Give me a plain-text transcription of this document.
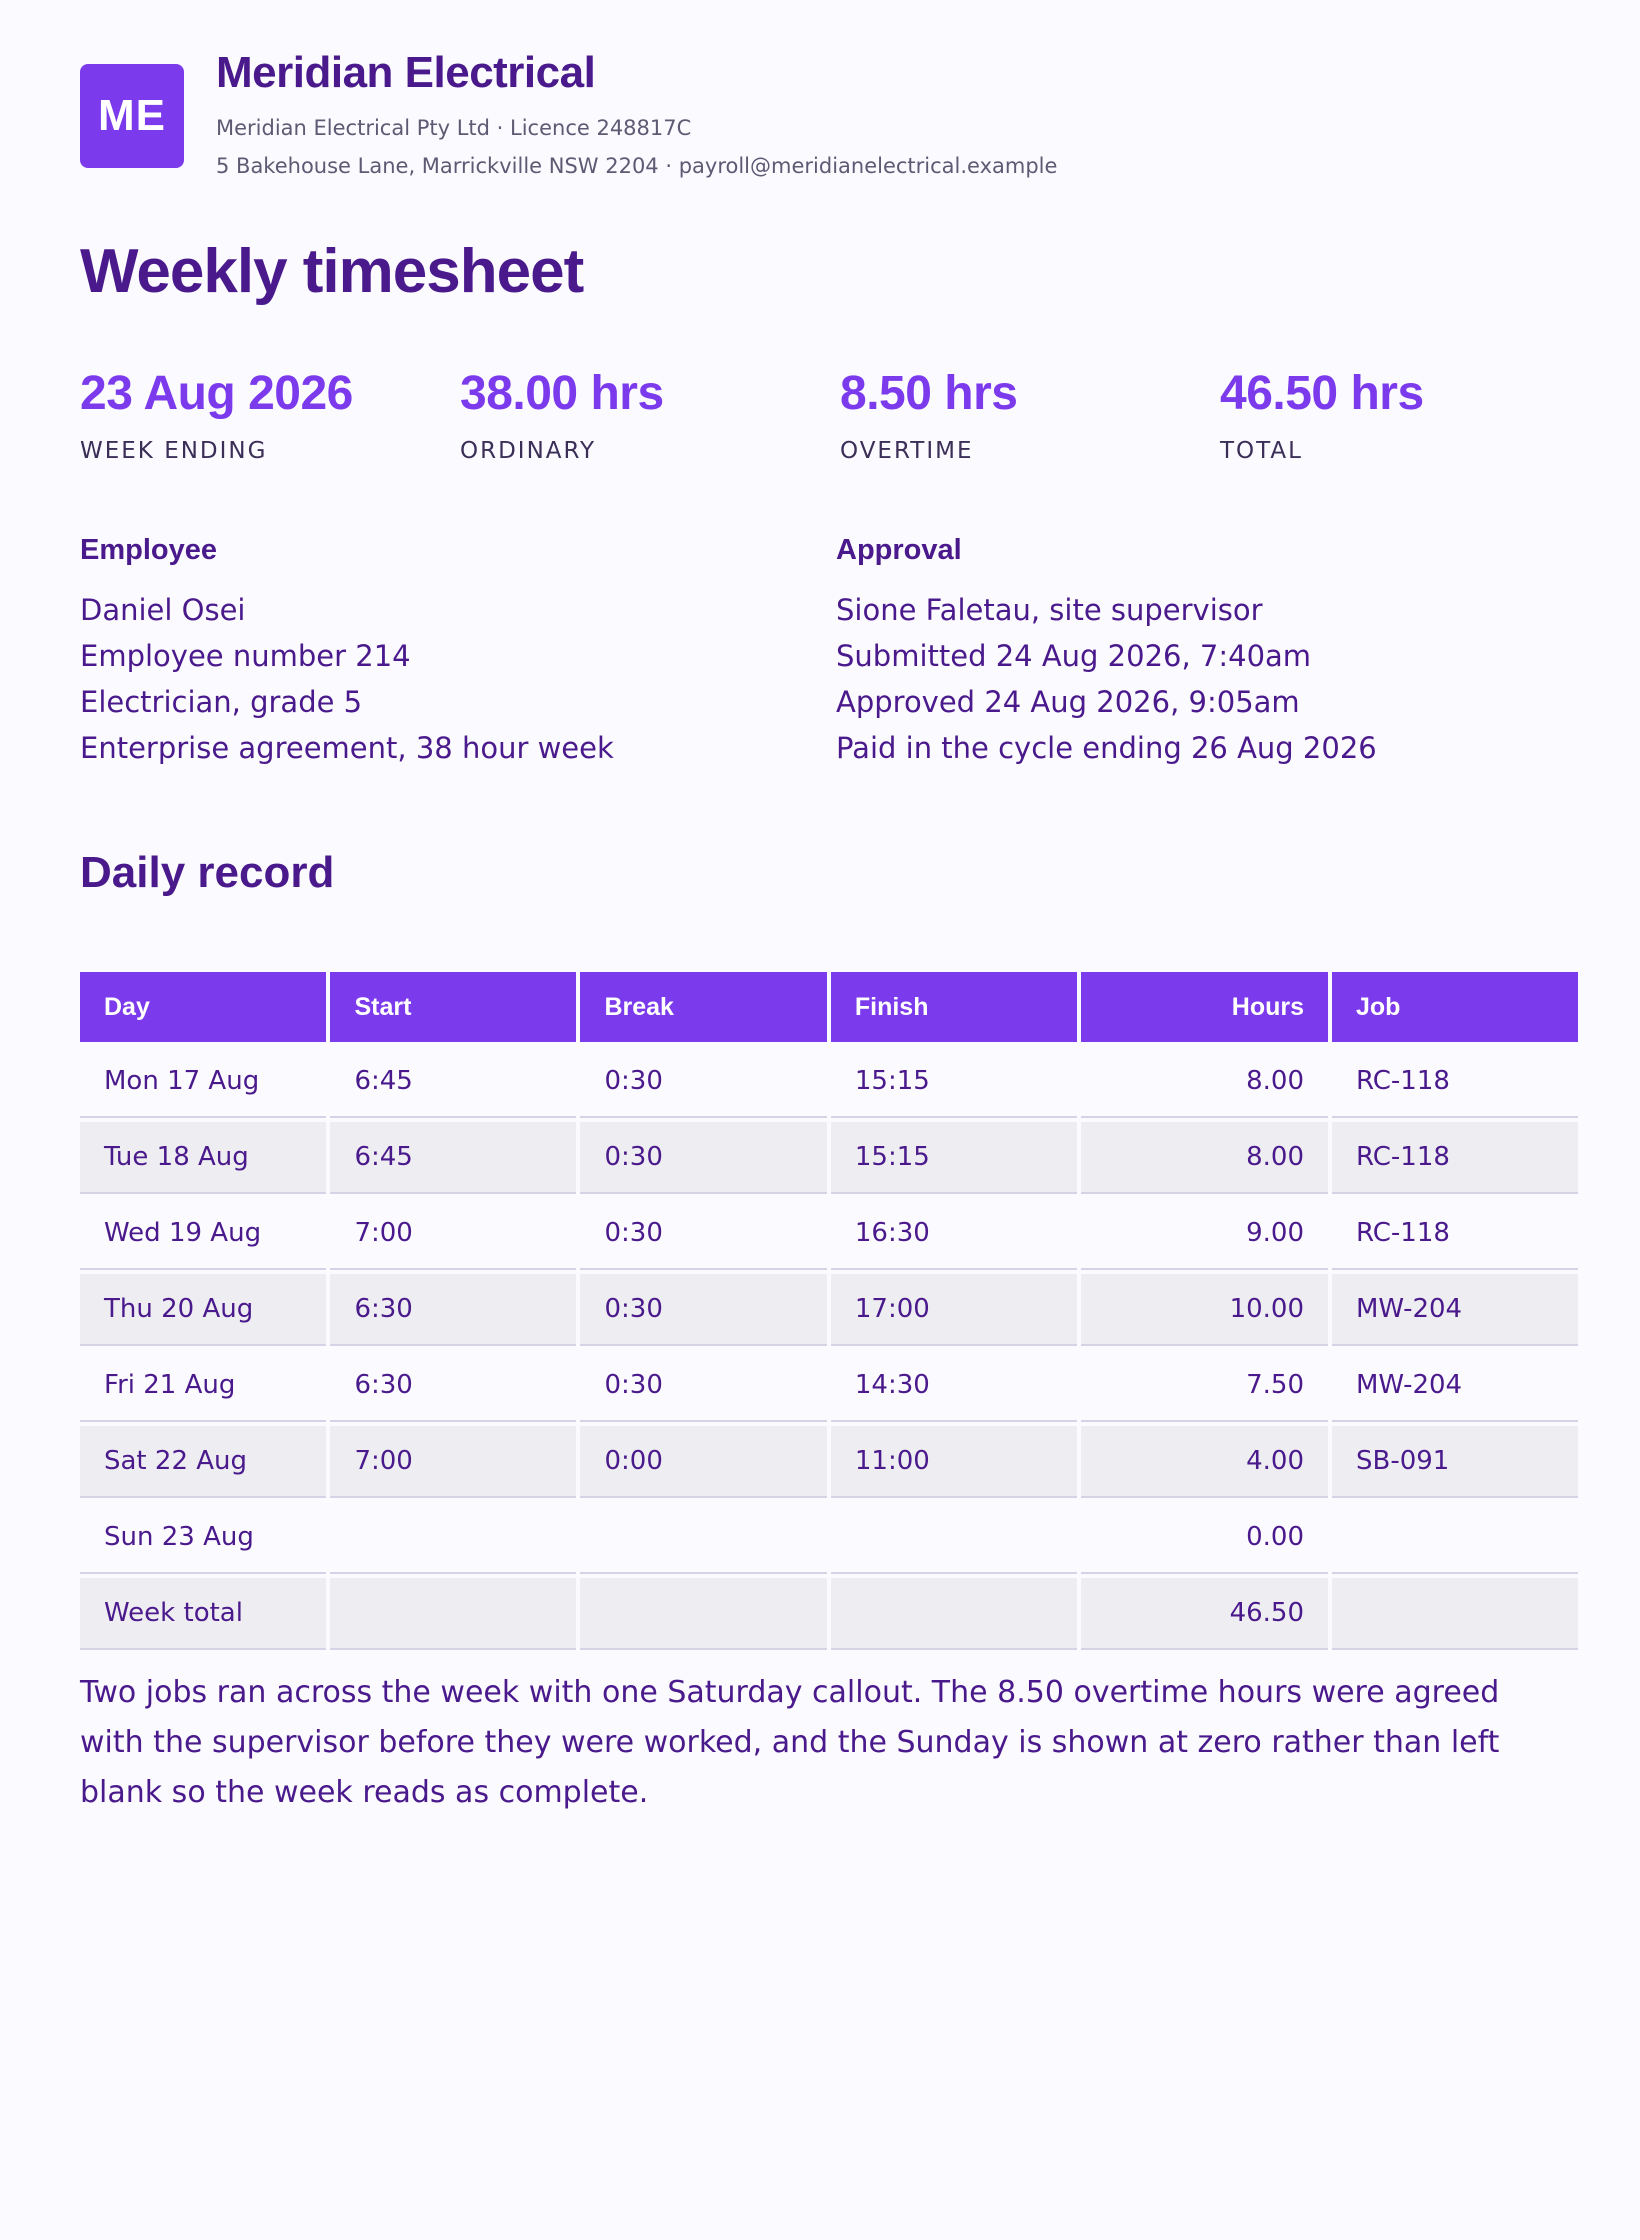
ME
Meridian Electrical
Meridian Electrical Pty Ltd · Licence 248817C
5 Bakehouse Lane, Marrickville NSW 2204 · payroll@meridianelectrical.example
Weekly timesheet
23 Aug 2026
WEEK ENDING
38.00 hrs
ORDINARY
8.50 hrs
OVERTIME
46.50 hrs
TOTAL
Employee
Daniel Osei
Employee number 214
Electrician, grade 5
Enterprise agreement, 38 hour week
Approval
Sione Faletau, site supervisor
Submitted 24 Aug 2026, 7:40am
Approved 24 Aug 2026, 9:05am
Paid in the cycle ending 26 Aug 2026
Daily record
Day	Start	Break	Finish	Hours	Job
Mon 17 Aug	6:45	0:30	15:15	8.00	RC-118
Tue 18 Aug	6:45	0:30	15:15	8.00	RC-118
Wed 19 Aug	7:00	0:30	16:30	9.00	RC-118
Thu 20 Aug	6:30	0:30	17:00	10.00	MW-204
Fri 21 Aug	6:30	0:30	14:30	7.50	MW-204
Sat 22 Aug	7:00	0:00	11:00	4.00	SB-091
Sun 23 Aug				0.00	
Week total				46.50	
Two jobs ran across the week with one Saturday callout. The 8.50 overtime hours were agreed with the supervisor before they were worked, and the Sunday is shown at zero rather than left blank so the week reads as complete.
